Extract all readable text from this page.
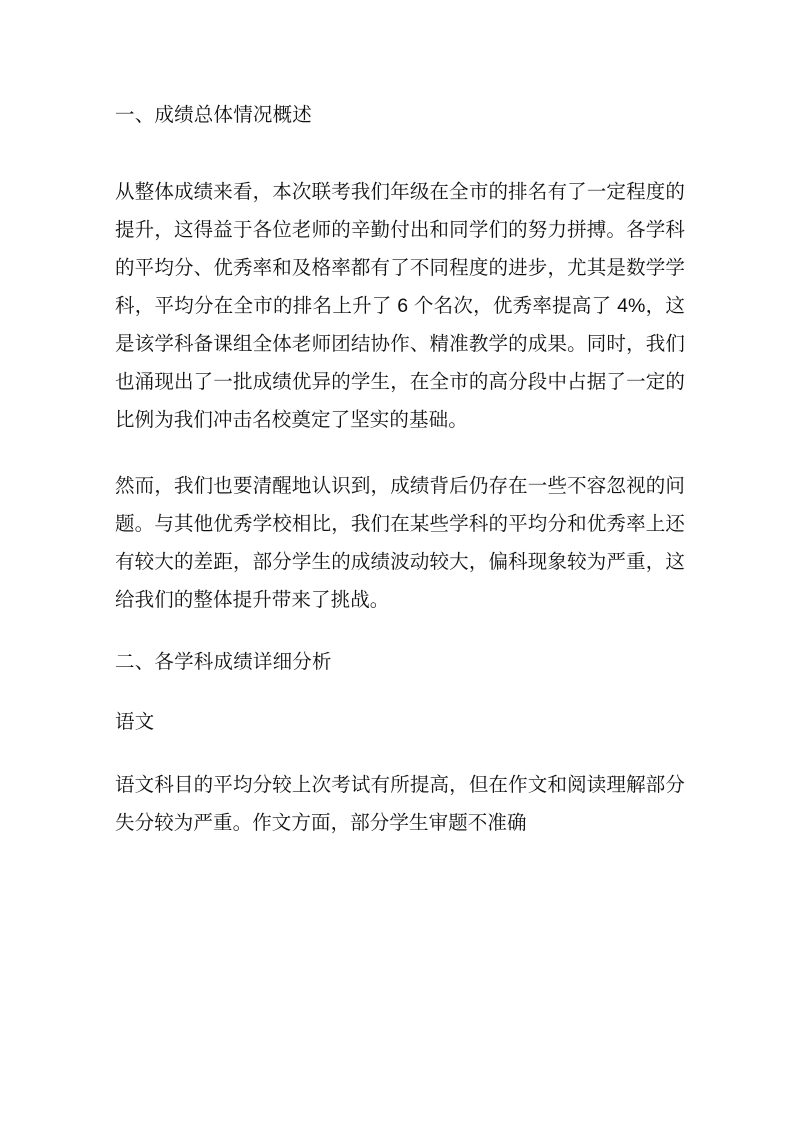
一、成绩总体情况概述

从整体成绩来看，本次联考我们年级在全市的排名有了一定程度的提升，这得益于各位老师的辛勤付出和同学们的努力拼搏。各学科的平均分、优秀率和及格率都有了不同程度的进步，尤其是数学学科，平均分在全市的排名上升了 6 个名次，优秀率提高了 4%，这是该学科备课组全体老师团结协作、精准教学的成果。同时，我们也涌现出了一批成绩优异的学生，在全市的高分段中占据了一定的比例为我们冲击名校奠定了坚实的基础。

然而，我们也要清醒地认识到，成绩背后仍存在一些不容忽视的问题。与其他优秀学校相比，我们在某些学科的平均分和优秀率上还有较大的差距，部分学生的成绩波动较大，偏科现象较为严重，这给我们的整体提升带来了挑战。

二、各学科成绩详细分析

语文

语文科目的平均分较上次考试有所提高，但在作文和阅读理解部分失分较为严重。作文方面，部分学生审题不准确
